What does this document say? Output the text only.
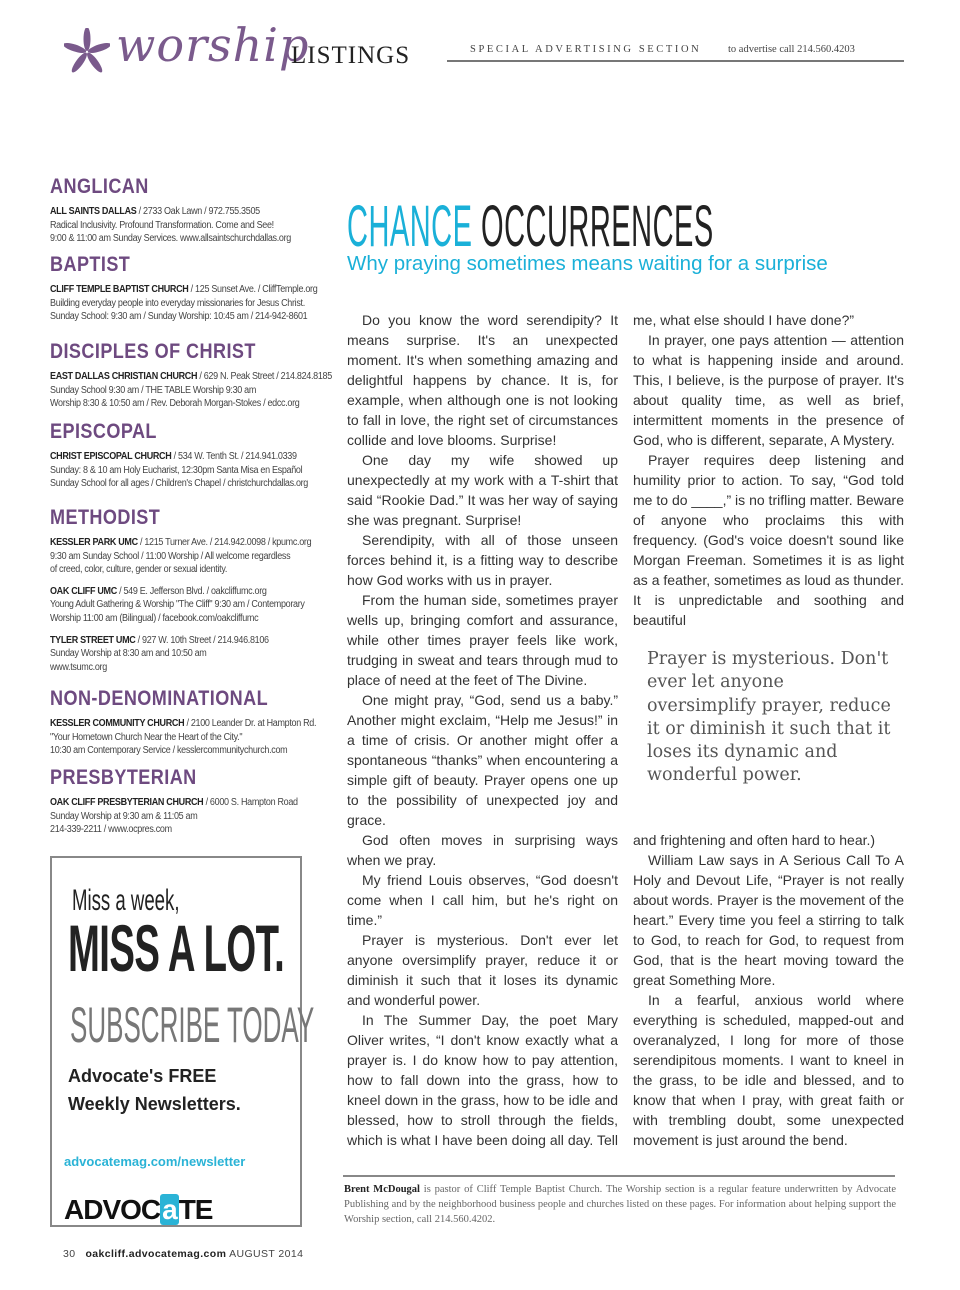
worship
LISTINGS	SPECIAL ADVERTISING SECTION	to advertise call 214.560.4203
ANGLICAN
ALL SAINTS DALLAS / 2733 Oak Lawn / 972.755.3505
Radical Inclusivity. Profound Transformation. Come and See!
9:00 & 11:00 am Sunday Services. www.allsaintschurchdallas.org
BAPTIST
CLIFF TEMPLE BAPTIST CHURCH / 125 Sunset Ave. / CliffTemple.org
Building everyday people into everyday missionaries for Jesus Christ.
Sunday School: 9:30 am / Sunday Worship: 10:45 am / 214-942-8601
DISCIPLES OF CHRIST
EAST DALLAS CHRISTIAN CHURCH / 629 N. Peak Street / 214.824.8185
Sunday School 9:30 am / THE TABLE Worship 9:30 am
Worship 8:30 & 10:50 am / Rev. Deborah Morgan-Stokes / edcc.org
EPISCOPAL
CHRIST EPISCOPAL CHURCH / 534 W. Tenth St. / 214.941.0339
Sunday: 8 & 10 am Holy Eucharist, 12:30pm Santa Misa en Español
Sunday School for all ages / Children's Chapel / christchurchdallas.org
METHODIST
KESSLER PARK UMC / 1215 Turner Ave. / 214.942.0098 / kpumc.org
9:30 am Sunday School / 11:00 Worship / All welcome regardless
of creed, color, culture, gender or sexual identity.
OAK CLIFF UMC / 549 E. Jefferson Blvd. / oakcliffumc.org
Young Adult Gathering & Worship "The Cliff" 9:30 am / Contemporary
Worship 11:00 am (Bilingual) / facebook.com/oakcliffumc
TYLER STREET UMC / 927 W. 10th Street / 214.946.8106
Sunday Worship at 8:30 am and 10:50 am
www.tsumc.org
NON-DENOMINATIONAL
KESSLER COMMUNITY CHURCH / 2100 Leander Dr. at Hampton Rd.
"Your Hometown Church Near the Heart of the City."
10:30 am Contemporary Service / kesslercommunitychurch.com
PRESBYTERIAN
OAK CLIFF PRESBYTERIAN CHURCH / 6000 S. Hampton Road
Sunday Worship at 9:30 am & 11:05 am
214-339-2211 / www.ocpres.com
Miss a week,
MISS A LOT.
SUBSCRIBE TODAY
Advocate's FREE
Weekly Newsletters.
advocatemag.com/newsletter
ADVOCaTE
30 oakcliff.advocatemag.com AUGUST 2014
CHANCE OCCURRENCES
Why praying sometimes means waiting for a surprise

Do you know the word serendipity? It means surprise. It's an unexpected moment. It's when something amazing and delightful happens by chance. It is, for example, when although one is not looking to fall in love, the right set of circumstances collide and love blooms. Surprise!

One day my wife showed up unexpectedly at my work with a T-shirt that said “Rookie Dad.” It was her way of saying she was pregnant. Surprise!

Serendipity, with all of those unseen forces behind it, is a fitting way to describe how God works with us in prayer.

From the human side, sometimes prayer wells up, bringing comfort and assurance, while other times prayer feels like work, trudging in sweat and tears through mud to place of need at the feet of The Divine.

One might pray, “God, send us a baby.” Another might exclaim, “Help me Jesus!” in a time of crisis. Or another might offer a spontaneous “thanks” when encountering a simple gift of beauty. Prayer opens one up to the possibility of unexpected joy and grace.

God often moves in surprising ways when we pray.

My friend Louis observes, “God doesn't come when I call him, but he's right on time.”

Prayer is mysterious. Don't ever let anyone oversimplify prayer, reduce it or diminish it such that it loses its dynamic and wonderful power.

In The Summer Day, the poet Mary Oliver writes, “I don't know exactly what a prayer is. I do know how to pay attention, how to fall down into the grass, how to kneel down in the grass, how to be idle and blessed, how to stroll through the fields, which is what I have been doing all day. Tell

me, what else should I have done?”

In prayer, one pays attention — attention to what is happening inside and around. This, I believe, is the purpose of prayer. It's about quality time, as well as brief, intermittent moments in the presence of God, who is different, separate, A Mystery.

Prayer requires deep listening and humility prior to action. To say, “God told me to do ____,” is no trifling matter. Beware of anyone who proclaims this with frequency. (God's voice doesn't sound like Morgan Freeman. Sometimes it is as light as a feather, sometimes as loud as thunder. It is unpredictable and soothing and beautiful

Prayer is mysterious. Don't ever let anyone oversimplify prayer, reduce it or diminish it such that it loses its dynamic and wonderful power.

and frightening and often hard to hear.)

William Law says in A Serious Call To A Holy and Devout Life, “Prayer is not really about words. Prayer is the movement of the heart.” Every time you feel a stirring to talk to God, to reach for God, to request from God, that is the heart moving toward the great Something More.

In a fearful, anxious world where everything is scheduled, mapped-out and overanalyzed, I long for more of those serendipitous moments. I want to kneel in the grass, to be idle and blessed, and to know that when I pray, with great faith or with trembling doubt, some unexpected movement is just around the bend.

Brent McDougal is pastor of Cliff Temple Baptist Church. The Worship section is a regular feature underwritten by Advocate Publishing and by the neighborhood business people and churches listed on these pages. For information about helping support the Worship section, call 214.560.4202.
